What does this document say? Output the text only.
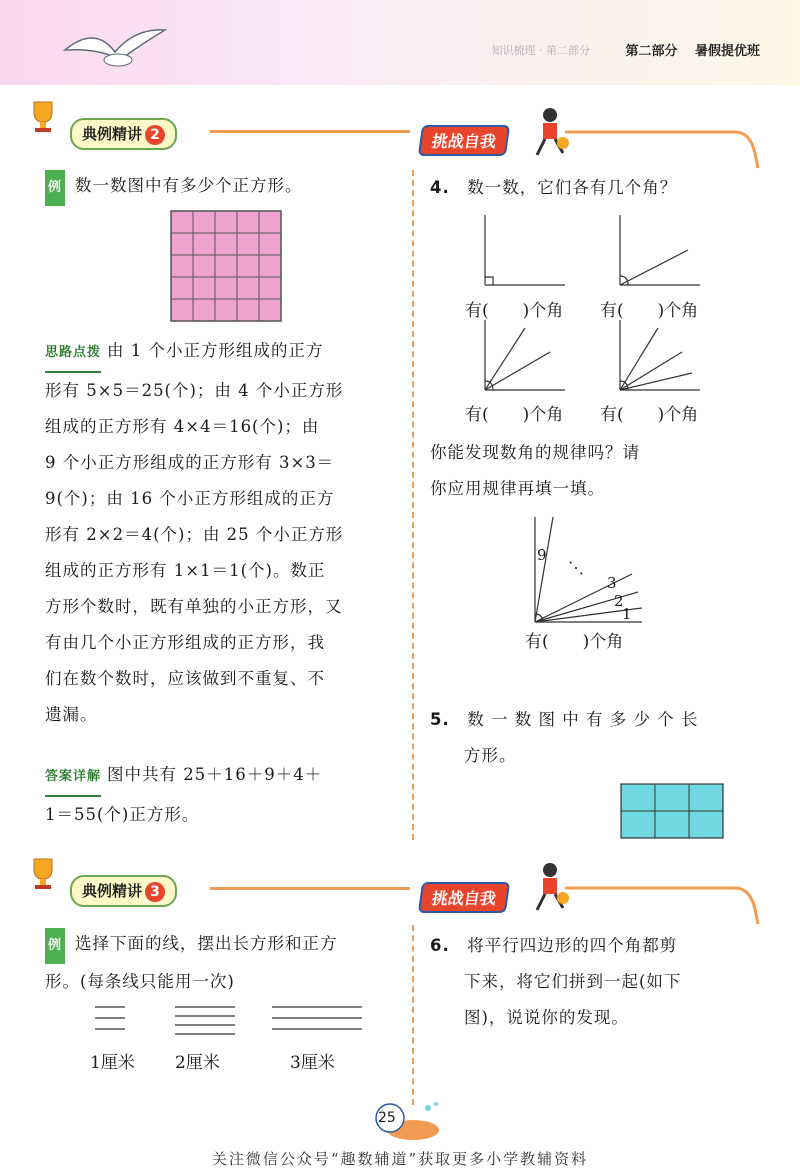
知识梳理 · 第二部分	第二部分　 暑假提优班
典例精讲 2	挑战自我
例 数一数图中有多少个正方形。
思路点拨 由 1 个小正方形组成的正方
形有 5×5＝25(个)；由 4 个小正方形
组成的正方形有 4×4＝16(个)；由
9 个小正方形组成的正方形有 3×3＝
9(个)；由 16 个小正方形组成的正方
形有 2×2＝4(个)；由 25 个小正方形
组成的正方形有 1×1＝1(个)。数正
方形个数时，既有单独的小正方形，又
有由几个小正方形组成的正方形，我
们在数个数时，应该做到不重复、不
遗漏。
答案详解 图中共有 25＋16＋9＋4＋
1＝55(个)正方形。
4.　 数一数，它们各有几个角？
有(　　)个角 有(　　)个角
有(　　)个角 有(　　)个角
你能发现数角的规律吗？请
你应用规律再填一填。
9
⋱
3
2
1
有(　　)个角
5.　 数 一 数 图 中 有 多 少 个 长
方形。
典例精讲 3	挑战自我
例 选择下面的线，摆出长方形和正方
形。(每条线只能用一次)
1厘米 2厘米	3厘米
6.　 将平行四边形的四个角都剪
下来，将它们拼到一起(如下
图)，说说你的发现。
25
关注微信公众号“趣数辅道”获取更多小学教辅资料
